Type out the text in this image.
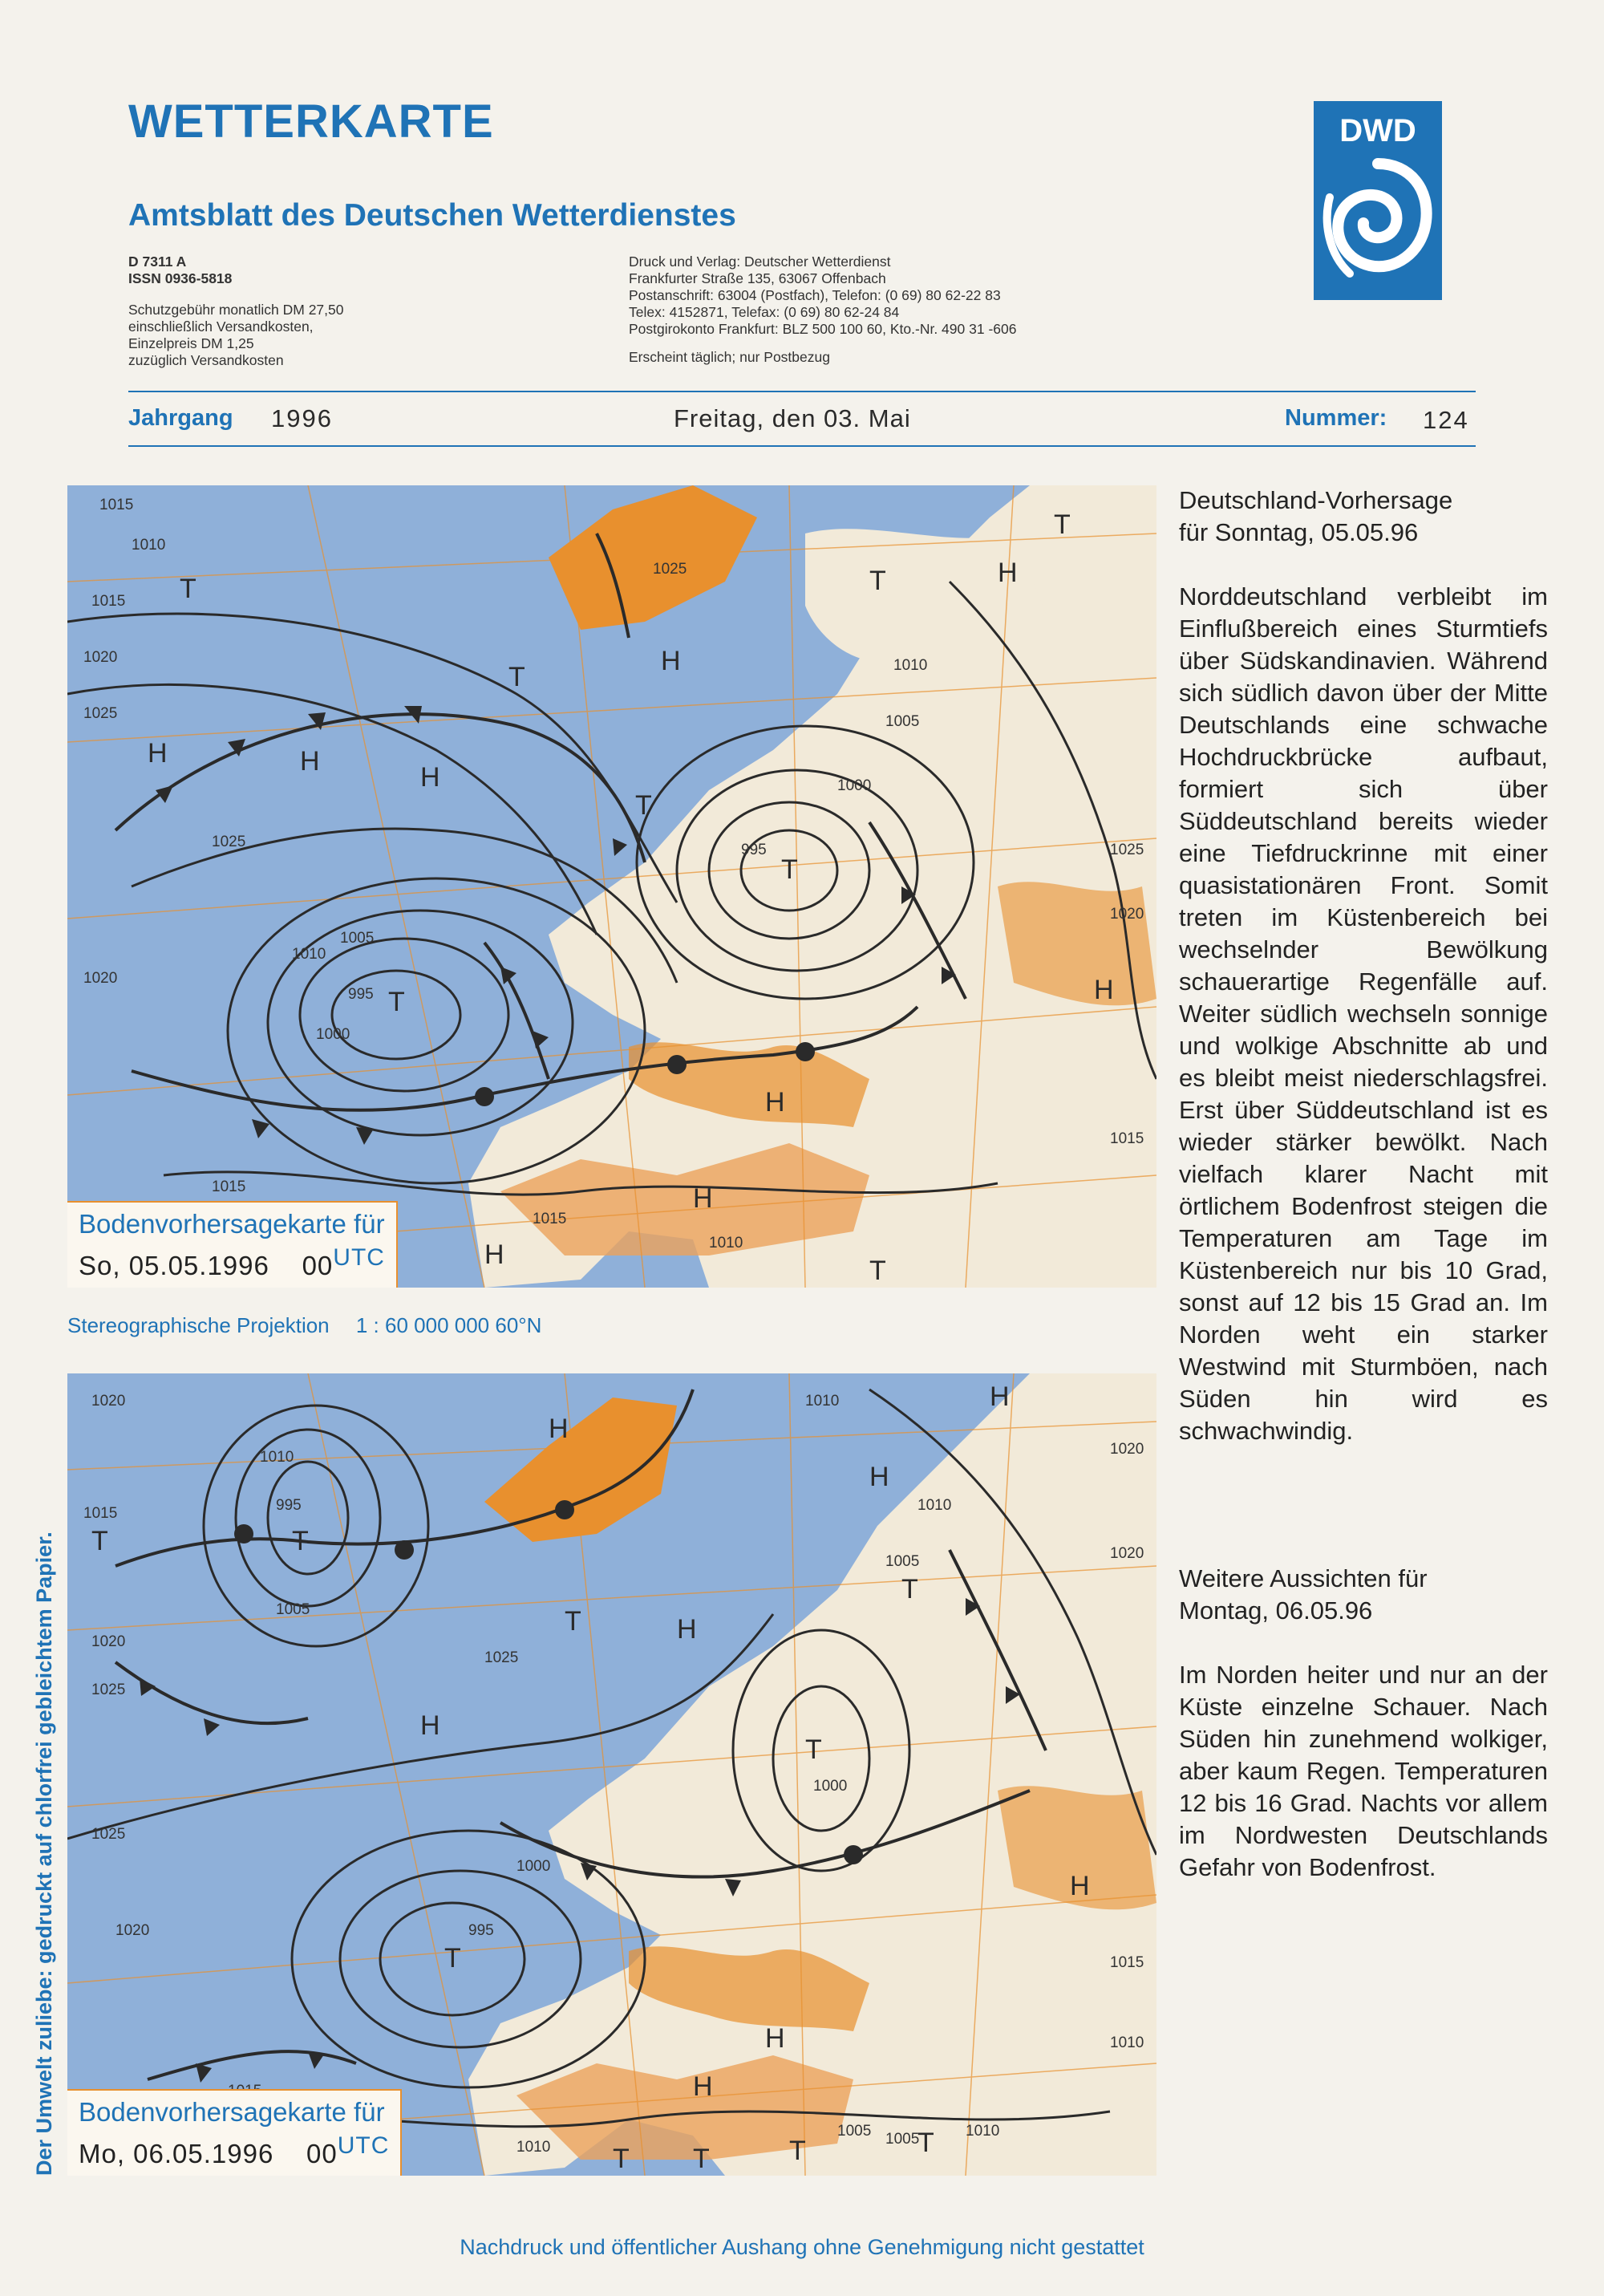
WETTERKARTE
Amtsblatt des Deutschen Wetterdienstes
D 7311 A
ISSN 0936-5818
Schutzgebühr monatlich DM 27,50
einschließlich Versandkosten,
Einzelpreis DM 1,25
zuzüglich Versandkosten
Druck und Verlag: Deutscher Wetterdienst
Frankfurter Straße 135, 63067 Offenbach
Postanschrift: 63004 (Postfach), Telefon: (0 69) 80 62-22 83
Telex: 4152871, Telefax: (0 69) 80 62-24 84
Postgirokonto Frankfurt: BLZ 500 100 60, Kto.-Nr. 490 31 -606
Erscheint täglich; nur Postbezug
DWD
Jahrgang 1996	Freitag, den 03. Mai	Nummer: 124
H	H
H
H
H
H
H
H
H
T
T
T
T
T
T
T
T
1015
1010
1015
1020
1025
1025
1020
1010
1005
1000
995
1025
1010
1005
1000
995	1025
1020
1015
1015
1010
1015
Bodenvorhersagekarte für
So, 05.05.1996 00UTC
Stereographische Projektion 1 : 60 000 000 60°N
H
H
H
H
H
H
H
H
T	T
T
T
T
T
T T	T	T
1020
1010
1015	995
1005
1020
1025
1025
1025
1010
1020
1010
1005
1000
1020
1000
995
1020
1015
1010
1010
1005 1005	1010
Bodenvorhersagekarte für
Mo, 06.05.1996 00UTC
Deutschland-Vorhersage
für Sonntag, 05.05.96

Norddeutschland verbleibt im Einflußbereich eines Sturmtiefs über Südskandinavien. Während sich südlich davon über der Mitte Deutschlands eine schwache Hochdruckbrücke aufbaut, formiert sich über Süddeutschland bereits wieder eine Tiefdruckrinne mit einer quasistationären Front. Somit treten im Küstenbereich bei wechselnder Bewölkung schauerartige Regenfälle auf. Weiter südlich wechseln sonnige und wolkige Abschnitte ab und es bleibt meist niederschlagsfrei. Erst über Süddeutschland ist es wieder stärker bewölkt. Nach vielfach klarer Nacht mit örtlichem Bodenfrost steigen die Temperaturen am Tage im Küstenbereich nur bis 10 Grad, sonst auf 12 bis 15 Grad an. Im Norden weht ein starker Westwind mit Sturmböen, nach Süden hin wird es schwachwindig.

Weitere Aussichten für
Montag, 06.05.96

Im Norden heiter und nur an der Küste einzelne Schauer. Nach Süden hin zunehmend wolkiger, aber kaum Regen. Temperaturen 12 bis 16 Grad. Nachts vor allem im Nordwesten Deutschlands Gefahr von Bodenfrost.

Der Umwelt zuliebe: gedruckt auf chlorfrei gebleichtem Papier.
Nachdruck und öffentlicher Aushang ohne Genehmigung nicht gestattet
